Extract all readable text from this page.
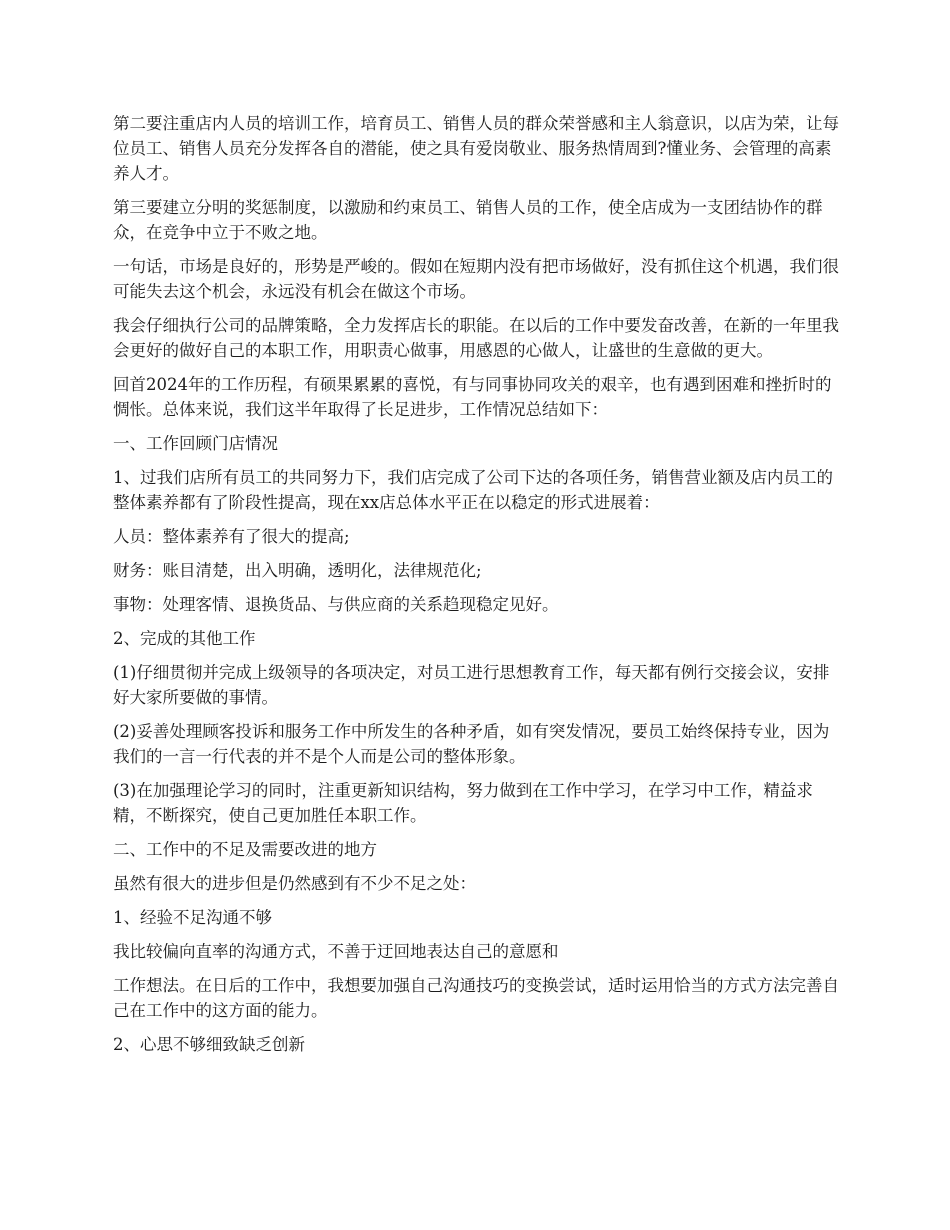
第二要注重店内人员的培训工作，培育员工、销售人员的群众荣誉感和主人翁意识，以店为荣，让每位员工、销售人员充分发挥各自的潜能，使之具有爱岗敬业、服务热情周到?懂业务、会管理的高素养人才。

第三要建立分明的奖惩制度，以激励和约束员工、销售人员的工作，使全店成为一支团结协作的群众，在竞争中立于不败之地。

一句话，市场是良好的，形势是严峻的。假如在短期内没有把市场做好，没有抓住这个机遇，我们很可能失去这个机会，永远没有机会在做这个市场。

我会仔细执行公司的品牌策略，全力发挥店长的职能。在以后的工作中要发奋改善，在新的一年里我会更好的做好自己的本职工作，用职责心做事，用感恩的心做人，让盛世的生意做的更大。

回首2024年的工作历程，有硕果累累的喜悦，有与同事协同攻关的艰辛，也有遇到困难和挫折时的惆怅。总体来说，我们这半年取得了长足进步，工作情况总结如下：

一、工作回顾门店情况

1、过我们店所有员工的共同努力下，我们店完成了公司下达的各项任务，销售营业额及店内员工的整体素养都有了阶段性提高，现在xx店总体水平正在以稳定的形式进展着：

人员：整体素养有了很大的提高;

财务：账目清楚，出入明确，透明化，法律规范化;

事物：处理客情、退换货品、与供应商的关系趋现稳定见好。

2、完成的其他工作

(1)仔细贯彻并完成上级领导的各项决定，对员工进行思想教育工作，每天都有例行交接会议，安排好大家所要做的事情。

(2)妥善处理顾客投诉和服务工作中所发生的各种矛盾，如有突发情况，要员工始终保持专业，因为我们的一言一行代表的并不是个人而是公司的整体形象。

(3)在加强理论学习的同时，注重更新知识结构，努力做到在工作中学习，在学习中工作，精益求精，不断探究，使自己更加胜任本职工作。

二、工作中的不足及需要改进的地方

虽然有很大的进步但是仍然感到有不少不足之处：

1、经验不足沟通不够

我比较偏向直率的沟通方式，不善于迂回地表达自己的意愿和

工作想法。在日后的工作中，我想要加强自己沟通技巧的变换尝试，适时运用恰当的方式方法完善自己在工作中的这方面的能力。

2、心思不够细致缺乏创新
